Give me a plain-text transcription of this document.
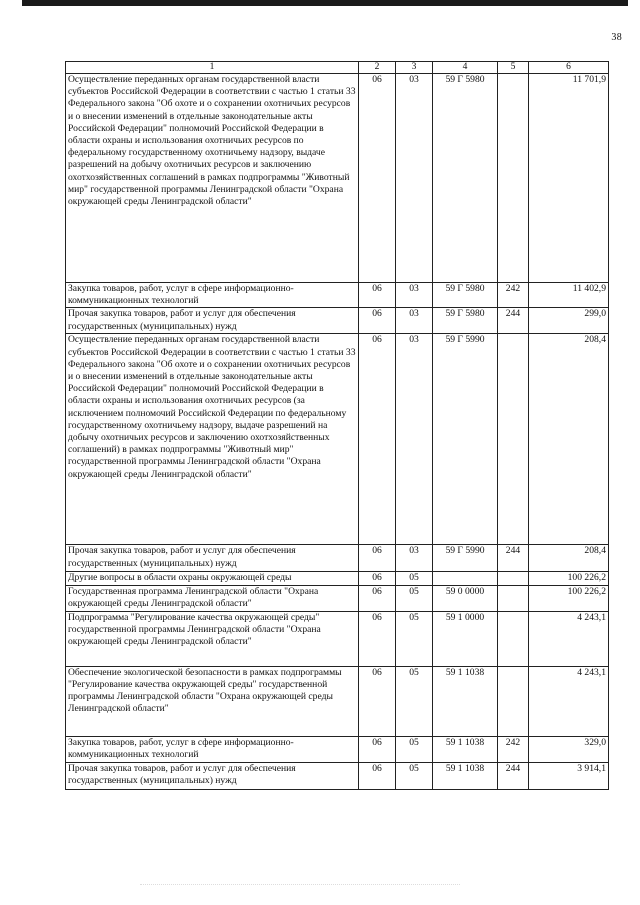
38
1	2	3	4	5	6
Осуществление переданных органам государственной власти субъектов Российской Федерации в соответствии с частью 1 статьи 33 Федерального закона "Об охоте и о сохранении охотничьих ресурсов и о внесении изменений в отдельные законодательные акты Российской Федерации" полномочий Российской Федерации в области охраны и использования охотничьих ресурсов по федеральному государственному охотничьему надзору, выдаче разрешений на добычу охотничьих ресурсов и заключению охотхозяйственных соглашений в рамках подпрограммы "Животный мир" государственной программы Ленинградской области "Охрана окружающей среды Ленинградской области"	06	03	59 Г 5980		11 701,9
Закупка товаров, работ, услуг в сфере информационно-коммуникационных технологий	06	03	59 Г 5980	242	11 402,9
Прочая закупка товаров, работ и услуг для обеспечения государственных (муниципальных) нужд	06	03	59 Г 5980	244	299,0
Осуществление переданных органам государственной власти субъектов Российской Федерации в соответствии с частью 1 статьи 33 Федерального закона "Об охоте и о сохранении охотничьих ресурсов и о внесении изменений в отдельные законодательные акты Российской Федерации" полномочий Российской Федерации в области охраны и использования охотничьих ресурсов (за исключением полномочий Российской Федерации по федеральному государственному охотничьему надзору, выдаче разрешений на добычу охотничьих ресурсов и заключению охотхозяйственных соглашений) в рамках подпрограммы "Животный мир" государственной программы Ленинградской области "Охрана окружающей среды Ленинградской области"	06	03	59 Г 5990		208,4
Прочая закупка товаров, работ и услуг для обеспечения государственных (муниципальных) нужд	06	03	59 Г 5990	244	208,4
Другие вопросы в области охраны окружающей среды	06	05			100 226,2
Государственная программа Ленинградской области "Охрана окружающей среды Ленинградской области"	06	05	59 0 0000		100 226,2
Подпрограмма "Регулирование качества окружающей среды" государственной программы Ленинградской области "Охрана окружающей среды Ленинградской области"	06	05	59 1 0000		4 243,1
Обеспечение экологической безопасности в рамках подпрограммы "Регулирование качества окружающей среды" государственной программы Ленинградской области "Охрана окружающей среды Ленинградской области"	06	05	59 1 1038		4 243,1
Закупка товаров, работ, услуг в сфере информационно-коммуникационных технологий	06	05	59 1 1038	242	329,0
Прочая закупка товаров, работ и услуг для обеспечения государственных (муниципальных) нужд	06	05	59 1 1038	244	3 914,1
